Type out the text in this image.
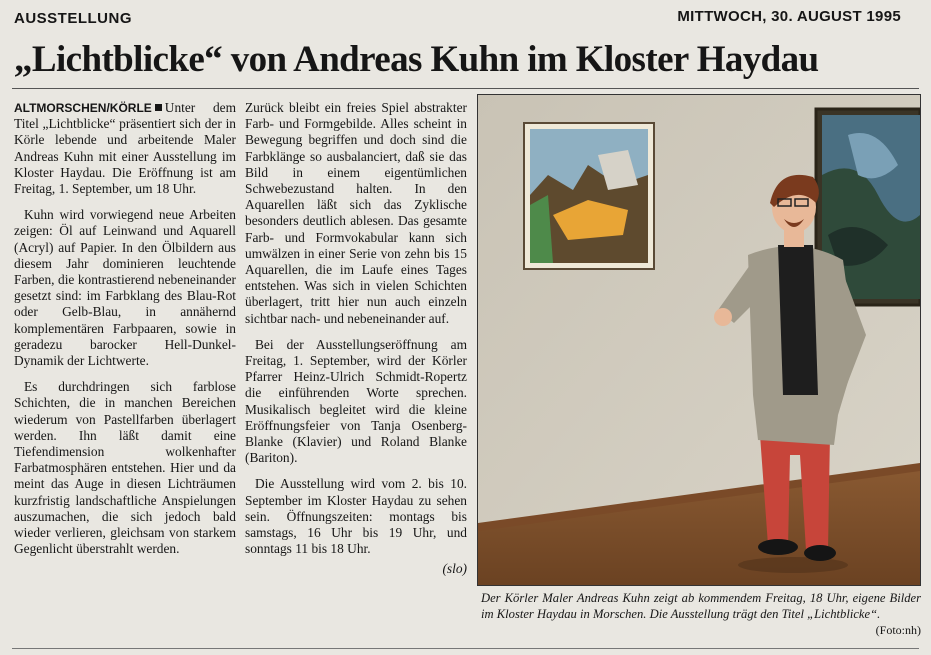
AUSSTELLUNG	MITTWOCH, 30. AUGUST 1995
„Lichtblicke“ von Andreas Kuhn im Kloster Haydau

ALTMORSCHEN/KÖRLE Unter dem Titel „Lichtblicke“ präsentiert sich der in Körle lebende und arbeitende Maler Andreas Kuhn mit einer Ausstellung im Kloster Haydau. Die Eröffnung ist am Freitag, 1. September, um 18 Uhr.

Kuhn wird vorwiegend neue Arbeiten zeigen: Öl auf Leinwand und Aquarell (Acryl) auf Papier. In den Ölbildern aus diesem Jahr dominieren leuchtende Farben, die kontrastierend nebeneinander gesetzt sind: im Farbklang des Blau-Rot oder Gelb-Blau, in annähernd komplementären Farbpaaren, sowie in geradezu barocker Hell-Dunkel-Dynamik der Lichtwerte.

Es durchdringen sich farblose Schichten, die in manchen Bereichen wiederum von Pastellfarben überlagert werden. Ihn läßt damit eine Tiefendimension wolkenhafter Farbatmosphären entstehen. Hier und da meint das Auge in diesen Lichträumen kurzfristig landschaftliche Anspielungen auszumachen, die sich jedoch bald wieder verlieren, gleichsam von starkem Gegenlicht überstrahlt werden.

Zurück bleibt ein freies Spiel abstrakter Farb- und Formgebilde. Alles scheint in Bewegung begriffen und doch sind die Farbklänge so ausbalanciert, daß sie das Bild in einem eigentümlichen Schwebezustand halten. In den Aquarellen läßt sich das Zyklische besonders deutlich ablesen. Das gesamte Farb- und Formvokabular kann sich umwälzen in einer Serie von zehn bis 15 Aquarellen, die im Laufe eines Tages entstehen. Was sich in vielen Schichten überlagert, tritt hier nun auch einzeln sichtbar nach- und nebeneinander auf.

Bei der Ausstellungseröffnung am Freitag, 1. September, wird der Körler Pfarrer Heinz-Ulrich Schmidt-Ropertz die einführenden Worte sprechen. Musikalisch begleitet wird die kleine Eröffnungsfeier von Tanja Osenberg-Blanke (Klavier) und Roland Blanke (Bariton).

Die Ausstellung wird vom 2. bis 10. September im Kloster Haydau zu sehen sein. Öffnungszeiten: montags bis samstags, 16 Uhr bis 19 Uhr, und sonntags 11 bis 18 Uhr.

(slo)
Der Körler Maler Andreas Kuhn zeigt ab kommendem Freitag, 18 Uhr, eigene Bilder im Kloster Haydau in Morschen. Die Ausstellung trägt den Titel „Lichtblicke“.
(Foto:nh)
